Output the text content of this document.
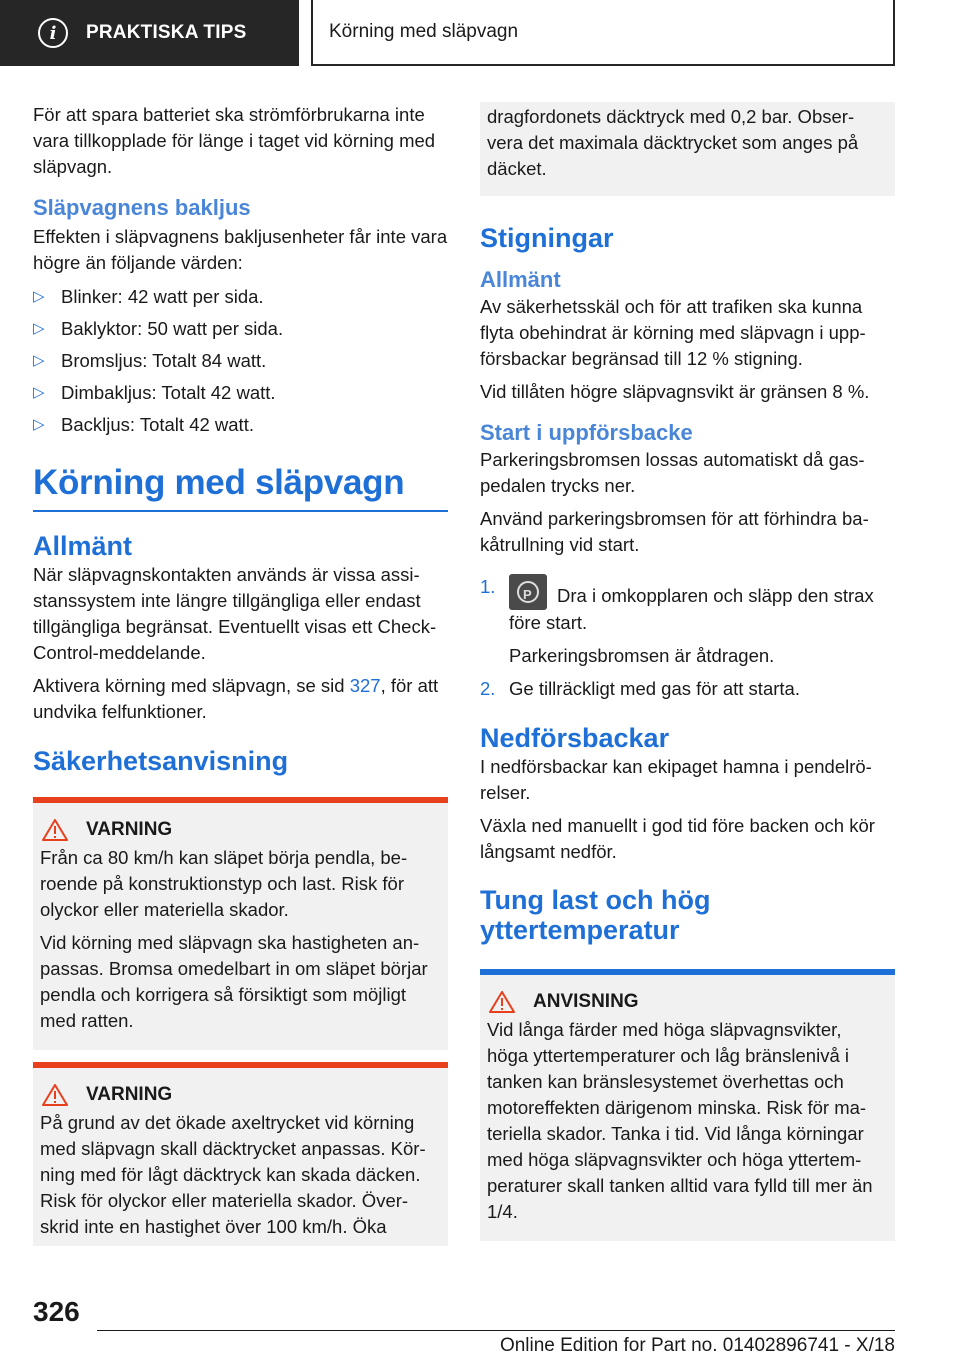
i	PRAKTISKA TIPS	Körning med släpvagn

För att spara batteriet ska strömförbrukarna inte vara tillkopplade för länge i taget vid körning med släpvagn.

Släpvagnens bakljus

Effekten i släpvagnens bakljusenheter får inte vara högre än följande värden:

▷ Blinker: 42 watt per sida.
▷ Baklyktor: 50 watt per sida.
▷ Bromsljus: Totalt 84 watt.
▷ Dimbakljus: Totalt 42 watt.
▷ Backljus: Totalt 42 watt.
Körning med släpvagn
Allmänt

När släpvagnskontakten används är vissa assistanssystem inte längre tillgängliga eller endast tillgängliga begränsat. Eventuellt visas ett Check-Control-meddelande.

Aktivera körning med släpvagn, se sid 327, för att undvika felfunktioner.

Säkerhetsanvisning
VARNING

Från ca 80 km/h kan släpet börja pendla, beroende på konstruktionstyp och last. Risk för olyckor eller materiella skador.

Vid körning med släpvagn ska hastigheten anpassas. Bromsa omedelbart in om släpet börjar pendla och korrigera så försiktigt som möjligt med ratten.

VARNING

På grund av det ökade axeltrycket vid körning med släpvagn skall däcktrycket anpassas. Körning med för lågt däcktryck kan skada däcken. Risk för olyckor eller materiella skador. Överskrid inte en hastighet över 100 km/h. Öka

dragfordonets däcktryck med 0,2 bar. Observera det maximala däcktrycket som anges på däcket.

Stigningar
Allmänt

Av säkerhetsskäl och för att trafiken ska kunna flyta obehindrat är körning med släpvagn i uppförsbackar begränsad till 12 % stigning.

Vid tillåten högre släpvagnsvikt är gränsen 8 %.

Start i uppförsbacke

Parkeringsbromsen lossas automatiskt då gaspedalen trycks ner.

Använd parkeringsbromsen för att förhindra bakåtrullning vid start.

1.
P	Dra i omkopplaren och släpp den strax före start.

Parkeringsbromsen är åtdragen.

2. Ge tillräckligt med gas för att starta.
Nedförsbackar

I nedförsbackar kan ekipaget hamna i pendelrörelser.

Växla ned manuellt i god tid före backen och kör långsamt nedför.

Tung last och hög yttertemperatur
ANVISNING

Vid långa färder med höga släpvagnsvikter, höga yttertemperaturer och låg bränslenivå i tanken kan bränslesystemet överhettas och motoreffekten därigenom minska. Risk för materiella skador. Tanka i tid. Vid långa körningar med höga släpvagnsvikter och höga yttertemperaturer skall tanken alltid vara fylld till mer än 1/4.

326
Online Edition for Part no. 01402896741 - X/18
